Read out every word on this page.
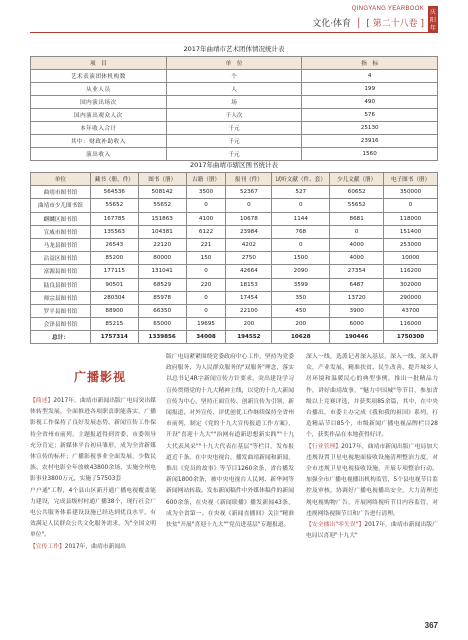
QINGYANG YEARBOOK
文化·体育 │ [ 第二十八卷 ]
庆阳年鉴
2017年曲靖市艺术团体情况统计表
项　目	单　位	指　标
艺术表演团体机构数	个	4
从业人员	人	199
国内演出场次	场	490
国内演出观众人次	千人次	576
本年收入合计	千元	25130
其中：财政补助收入	千元	23916
演出收入	千元	1560
2017年曲靖市辖区图书统计表
单位	藏书（册、件）	图书（册）	古籍（册）	报刊（件）	试听文献（件、套）	少儿文献（册）	电子图书（册）
曲靖市图书馆	564536	508142	3500	52367	527	60652	350000
曲靖市少儿图书馆	55652	55652	0	0	0	55652	0
麒麟区图书馆	167785	151863	4100	10678	1144	8681	118000
宣威市图书馆	135563	104381	6122	23984	768	0	151400
马龙县图书馆	26543	22120	221	4202	0	4000	253000
沾益区图书馆	85200	80000	150	2750	1500	4000	10000
富源县图书馆	177115	131041	0	42664	2090	27354	116200
陆良县图书馆	90501	68529	220	18153	3599	6487	302000
师宗县图书馆	280304	85978	0	17454	350	13720	290000
罗平县图书馆	88900	66350	0	22100	450	3900	43700
会泽县图书馆	85215	65000	19695	200	200	6000	116000
总计：	1757314	1339856	34008	194552	10628	190446	1750300
广播影视

【简述】2017年，曲靖市新闻出版广电局突出媒体转型发展，全面推进各项职责职能落实，广播影视工作保持了良好发展态势。新闻宣传工作保持全省州市前列，主题报道得到省委、市委领导充分肯定；新媒体平台初具雏形，成为全省新媒体宣传的标杆；广播影视事业全面发展，少数民族、农村电影全年放映43800余场，实施全州电影事业3800万元，实施了57503套

户户通"工程，4个县山区新开通广播电视覆盖能力建设，完成县级村村通广播38个，现行社会广电公共服务体系建设设施已经达到优良水平，有效满足人民群众公共文化服务需求，为"全国文明单位"。

【宣传工作】2017年，曲靖市新闻出

版广电局紧紧围绕党委政府中心工作，坚持为党委政府服务、为人民群众服务的"双服务"理念，落实以总书记4R字新闻宣传方针要求，突出建设学习宣传贯彻党的十九大精神主线，以党的十九大新闻宣传为中心，坚持正面宣传、创新宣传为引领，新闻报道、对外宣传、评优创优工作继续保持全省州市前列，制定《党的十九大宣传报道工作方案》，开设"喜迎十九大""治网有道新思想新实践""十九大代表风采""十九大代表在基层"等栏目，发布报道近千条。在中央电视台，播发曲靖新闻和新闻，推出《党员的故事》等节目1260余条，省台播发新闻1800余条，被中央电视台人民网、新华网等新闻网站转载。发布新闻稿件中外媒体稿件的新闻600余条，在央视《新闻联播》播发新闻43条，成为全省第一。在央视《新闻直播间》关注"精准扶贫"开展"喜迎十九大""党员进基层"专题报道。

深入一线，选派记者深入基层，深入一线、深入群众，产业发展、精准扶贫、民生改善、提升城乡人居环境和温暖民心的典型事例，推出一批精品力作，讲好曲靖故事，"魅力中国城"等节目，参加省级以上竞赛评选，并获奖项85余篇，其中，在中央台播出，市委主办完成《我和我的祖国》系列，打造精品节目85个，市级新闻广播电视品牌栏目28个，获奖作品在本地获得好评。

【行业管理】2017年，曲靖市新闻出版广电局加大违规设置卫星电视地面接收设施清理整治力度，对全市违规卫星电视接收设施，开展专项整治行动。加强全市广播电视播出机构监管，5个县电视节目监控及审核，协调好广播电视播出安全，大力清理违规电视购物广告，开展网络视听节目内容监管，对违规网络视频节目和广告进行清理。

【安全播出"零失误"】2017年，曲靖市新闻出版广电局以喜迎"十九大"

367
